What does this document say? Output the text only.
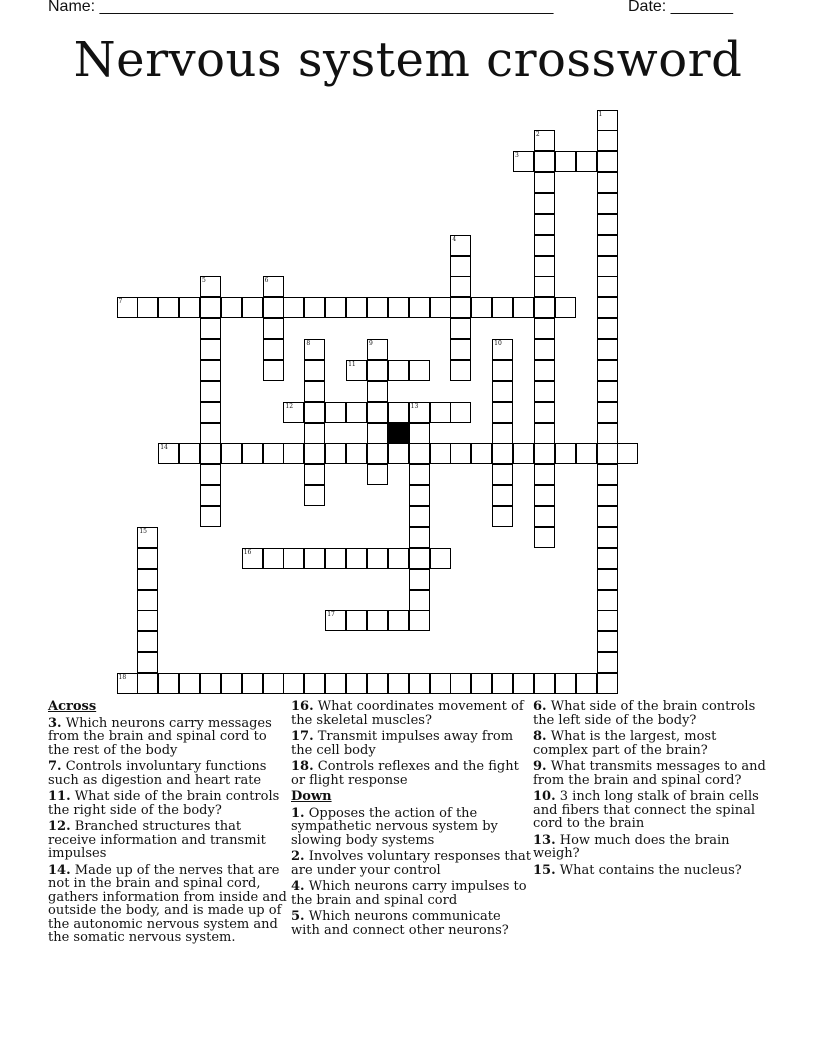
Name: ___________________________________________________	Date: _______
Nervous system crossword
1
2
3
4
5	6
7
8	9	10
11
12	13
14
15
16
17
18
Across
3. Which neurons carry messages from the brain and spinal cord to the rest of the body
7. Controls involuntary functions such as digestion and heart rate
11. What side of the brain controls the right side of the body?
12. Branched structures that receive information and transmit impulses
14. Made up of the nerves that are not in the brain and spinal cord, gathers information from inside and outside the body, and is made up of the autonomic nervous system and the somatic nervous system.
16. What coordinates movement of the skeletal muscles?
17. Transmit impulses away from the cell body
18. Controls reflexes and the fight or flight response
Down
1. Opposes the action of the sympathetic nervous system by slowing body systems
2. Involves voluntary responses that are under your control
4. Which neurons carry impulses to the brain and spinal cord
5. Which neurons communicate with and connect other neurons?
6. What side of the brain controls the left side of the body?
8. What is the largest, most complex part of the brain?
9. What transmits messages to and from the brain and spinal cord?
10. 3 inch long stalk of brain cells and fibers that connect the spinal cord to the brain
13. How much does the brain weigh?
15. What contains the nucleus?
